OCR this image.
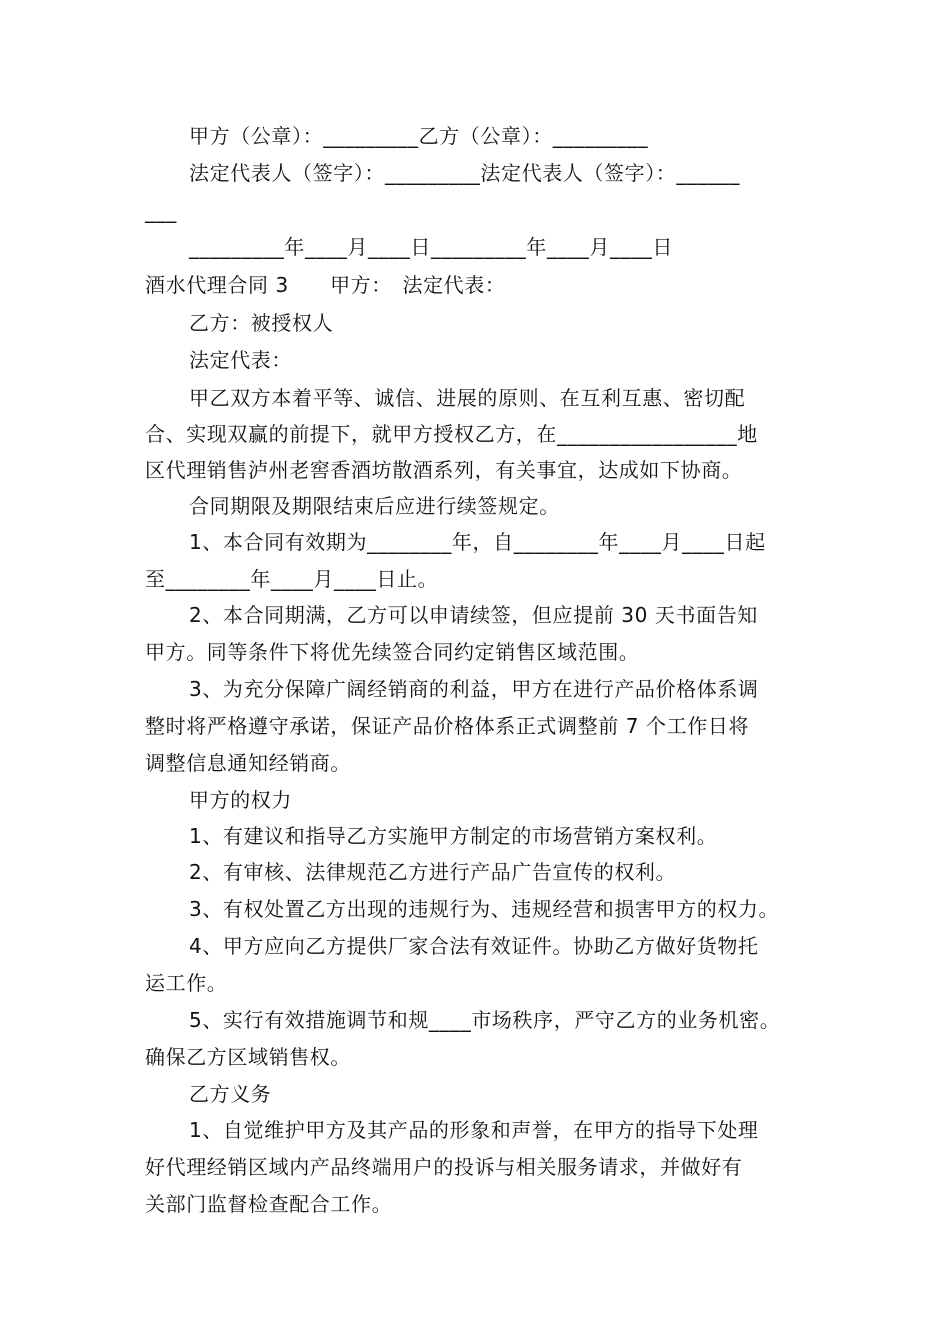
甲方（公章）：_________乙方（公章）：_________
法定代表人（签字）：_________法定代表人（签字）：______
___
_________年____月____日_________年____月____日
酒水代理合同 3　　甲方：　法定代表：
乙方：被授权人
法定代表：
甲乙双方本着平等、诚信、进展的原则、在互利互惠、密切配
合、实现双赢的前提下，就甲方授权乙方，在_________________地
区代理销售泸州老窖香酒坊散酒系列，有关事宜，达成如下协商。
合同期限及期限结束后应进行续签规定。
1、本合同有效期为________年，自________年____月____日起
至________年____月____日止。
2、本合同期满，乙方可以申请续签，但应提前 30 天书面告知
甲方。同等条件下将优先续签合同约定销售区域范围。
3、为充分保障广阔经销商的利益，甲方在进行产品价格体系调
整时将严格遵守承诺，保证产品价格体系正式调整前 7 个工作日将
调整信息通知经销商。
甲方的权力
1、有建议和指导乙方实施甲方制定的市场营销方案权利。
2、有审核、法律规范乙方进行产品广告宣传的权利。
3、有权处置乙方出现的违规行为、违规经营和损害甲方的权力。
4、甲方应向乙方提供厂家合法有效证件。协助乙方做好货物托
运工作。
5、实行有效措施调节和规____市场秩序，严守乙方的业务机密。
确保乙方区域销售权。
乙方义务
1、自觉维护甲方及其产品的形象和声誉，在甲方的指导下处理
好代理经销区域内产品终端用户的投诉与相关服务请求，并做好有
关部门监督检查配合工作。
